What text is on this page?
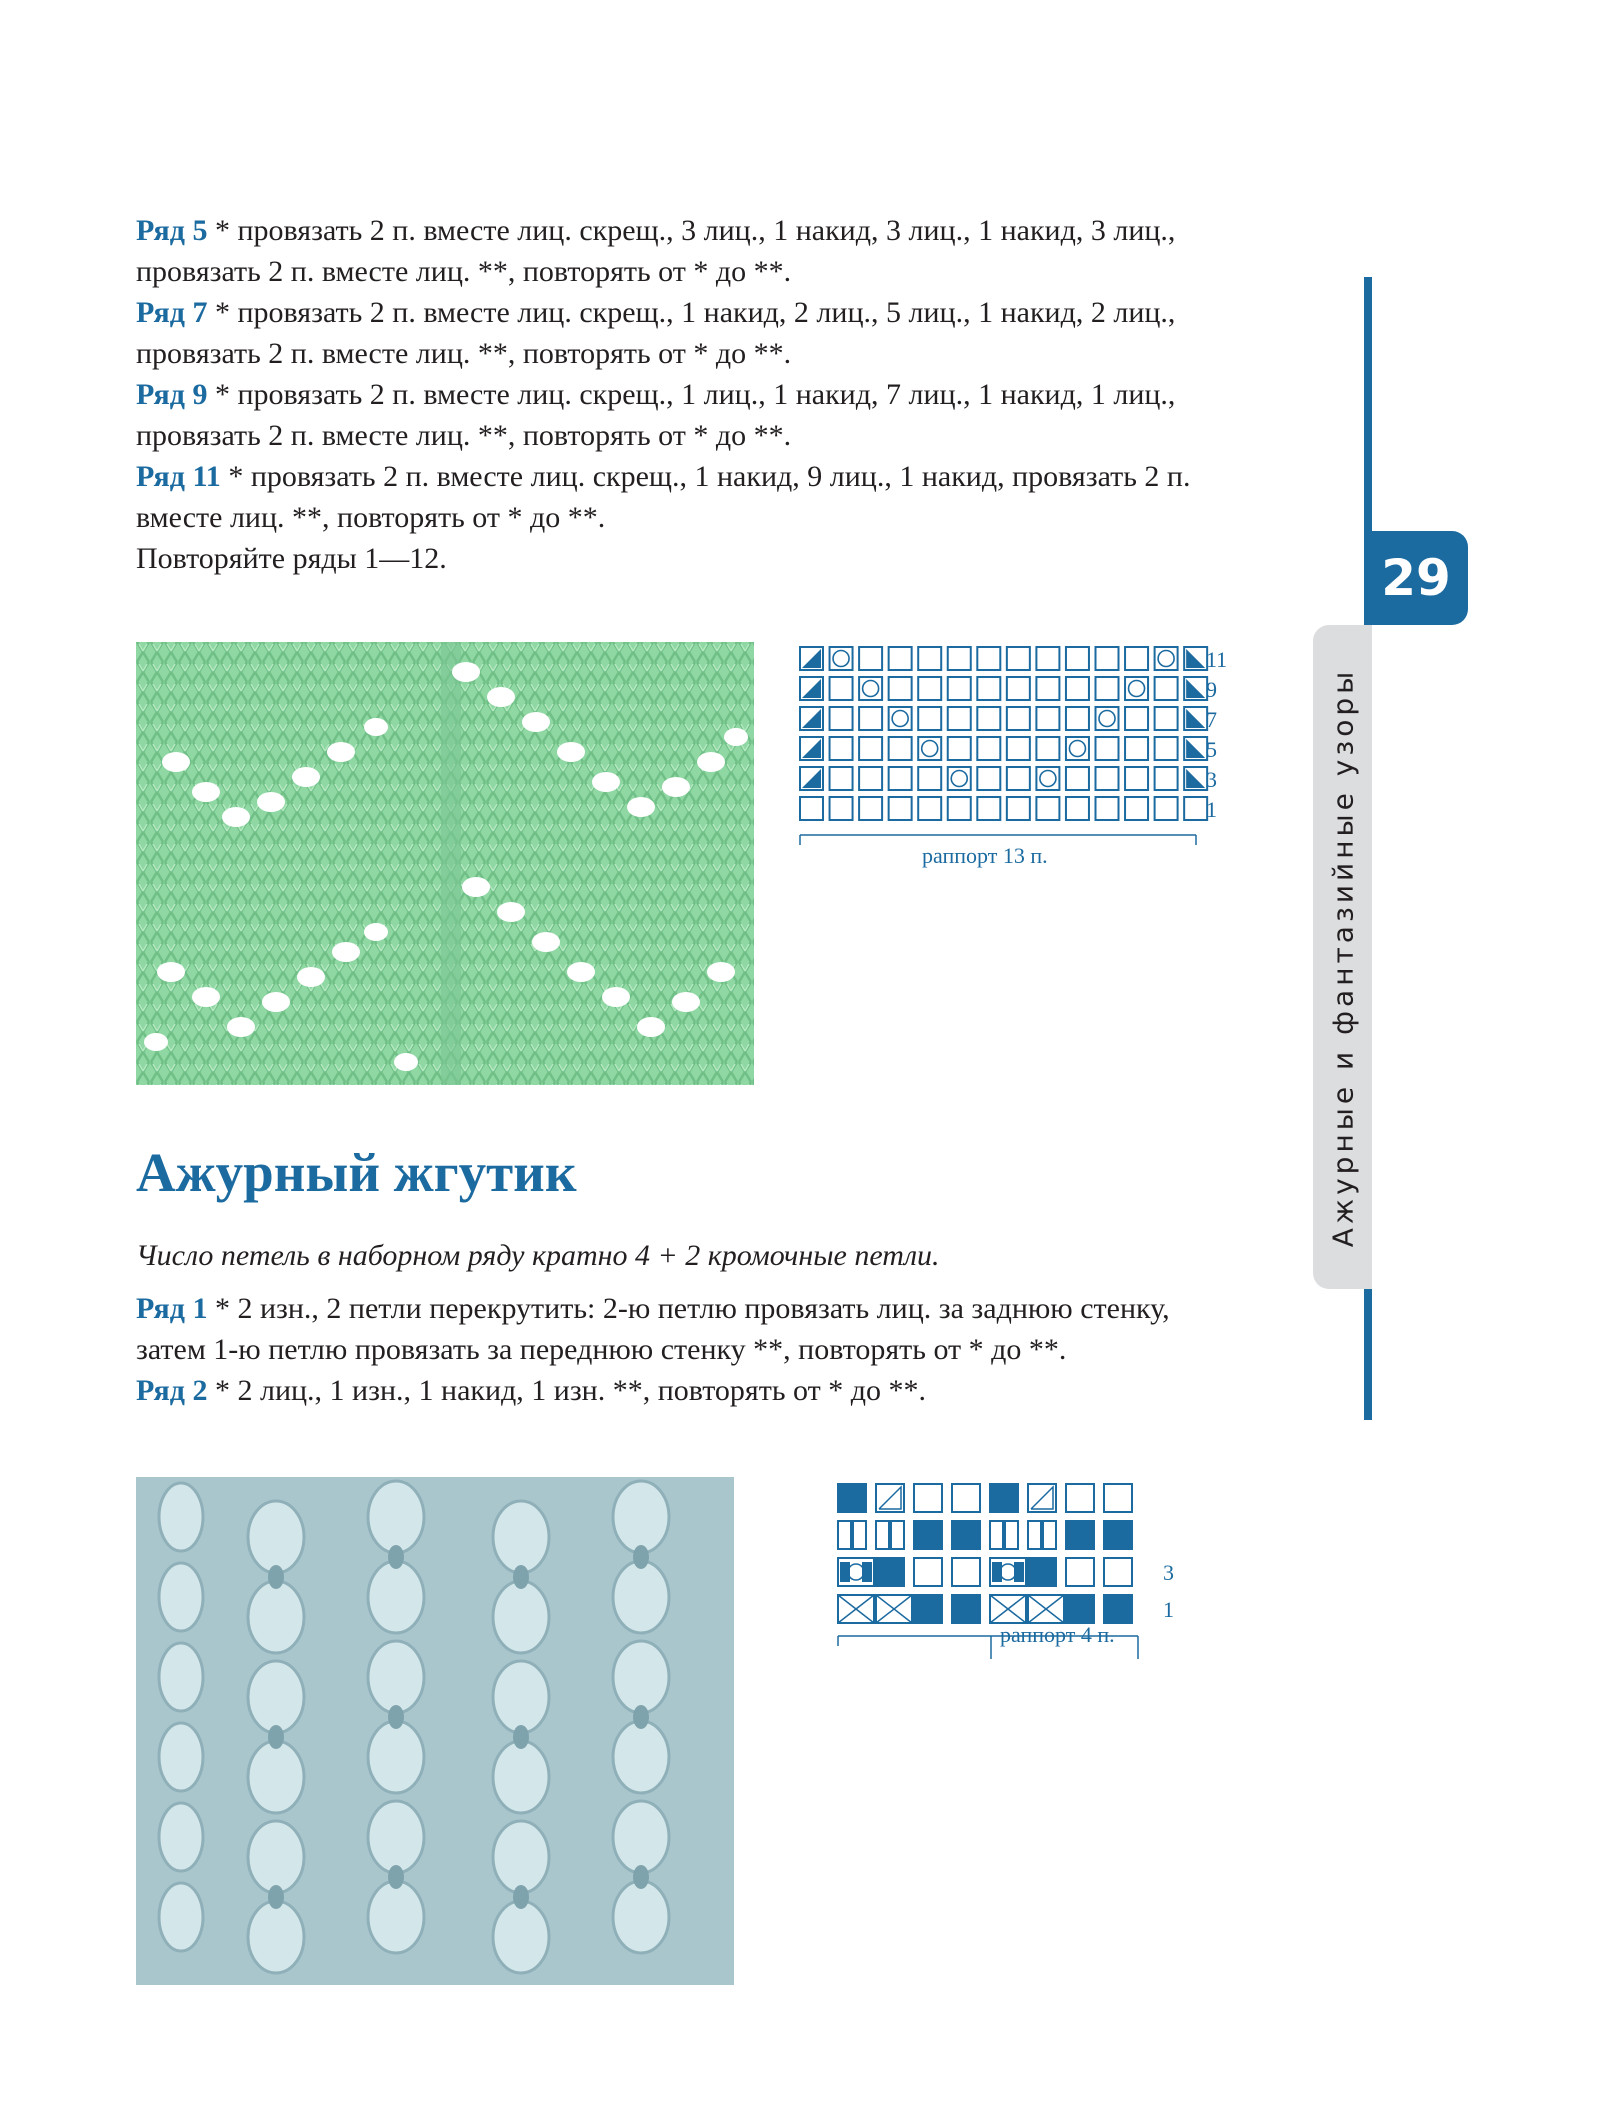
Ряд 5 * провязать 2 п. вместе лиц. скрещ., 3 лиц., 1 накид, 3 лиц., 1 накид, 3 лиц., провязать 2 п. вместе лиц. **, повторять от * до **.

Ряд 7 * провязать 2 п. вместе лиц. скрещ., 1 накид, 2 лиц., 5 лиц., 1 накид, 2 лиц., провязать 2 п. вместе лиц. **, повторять от * до **.

Ряд 9 * провязать 2 п. вместе лиц. скрещ., 1 лиц., 1 накид, 7 лиц., 1 накид, 1 лиц., провязать 2 п. вместе лиц. **, повторять от * до **.

Ряд 11 * провязать 2 п. вместе лиц. скрещ., 1 накид, 9 лиц., 1 накид, провязать 2 п. вместе лиц. **, повторять от * до **.

Повторяйте ряды 1—12.

11
9
7
5
3
1
раппорт 13 п.
Ажурный жгутик
Число петель в наборном ряду кратно 4 + 2 кромочные петли.

Ряд 1 * 2 изн., 2 петли перекрутить: 2-ю петлю провязать лиц. за заднюю стенку, затем 1-ю петлю провязать за переднюю стенку **, повторять от * до **.

Ряд 2 * 2 лиц., 1 изн., 1 накид, 1 изн. **, повторять от * до **.

3
1
раппорт 4 п.
Ажурные и фантазийные узоры
29
